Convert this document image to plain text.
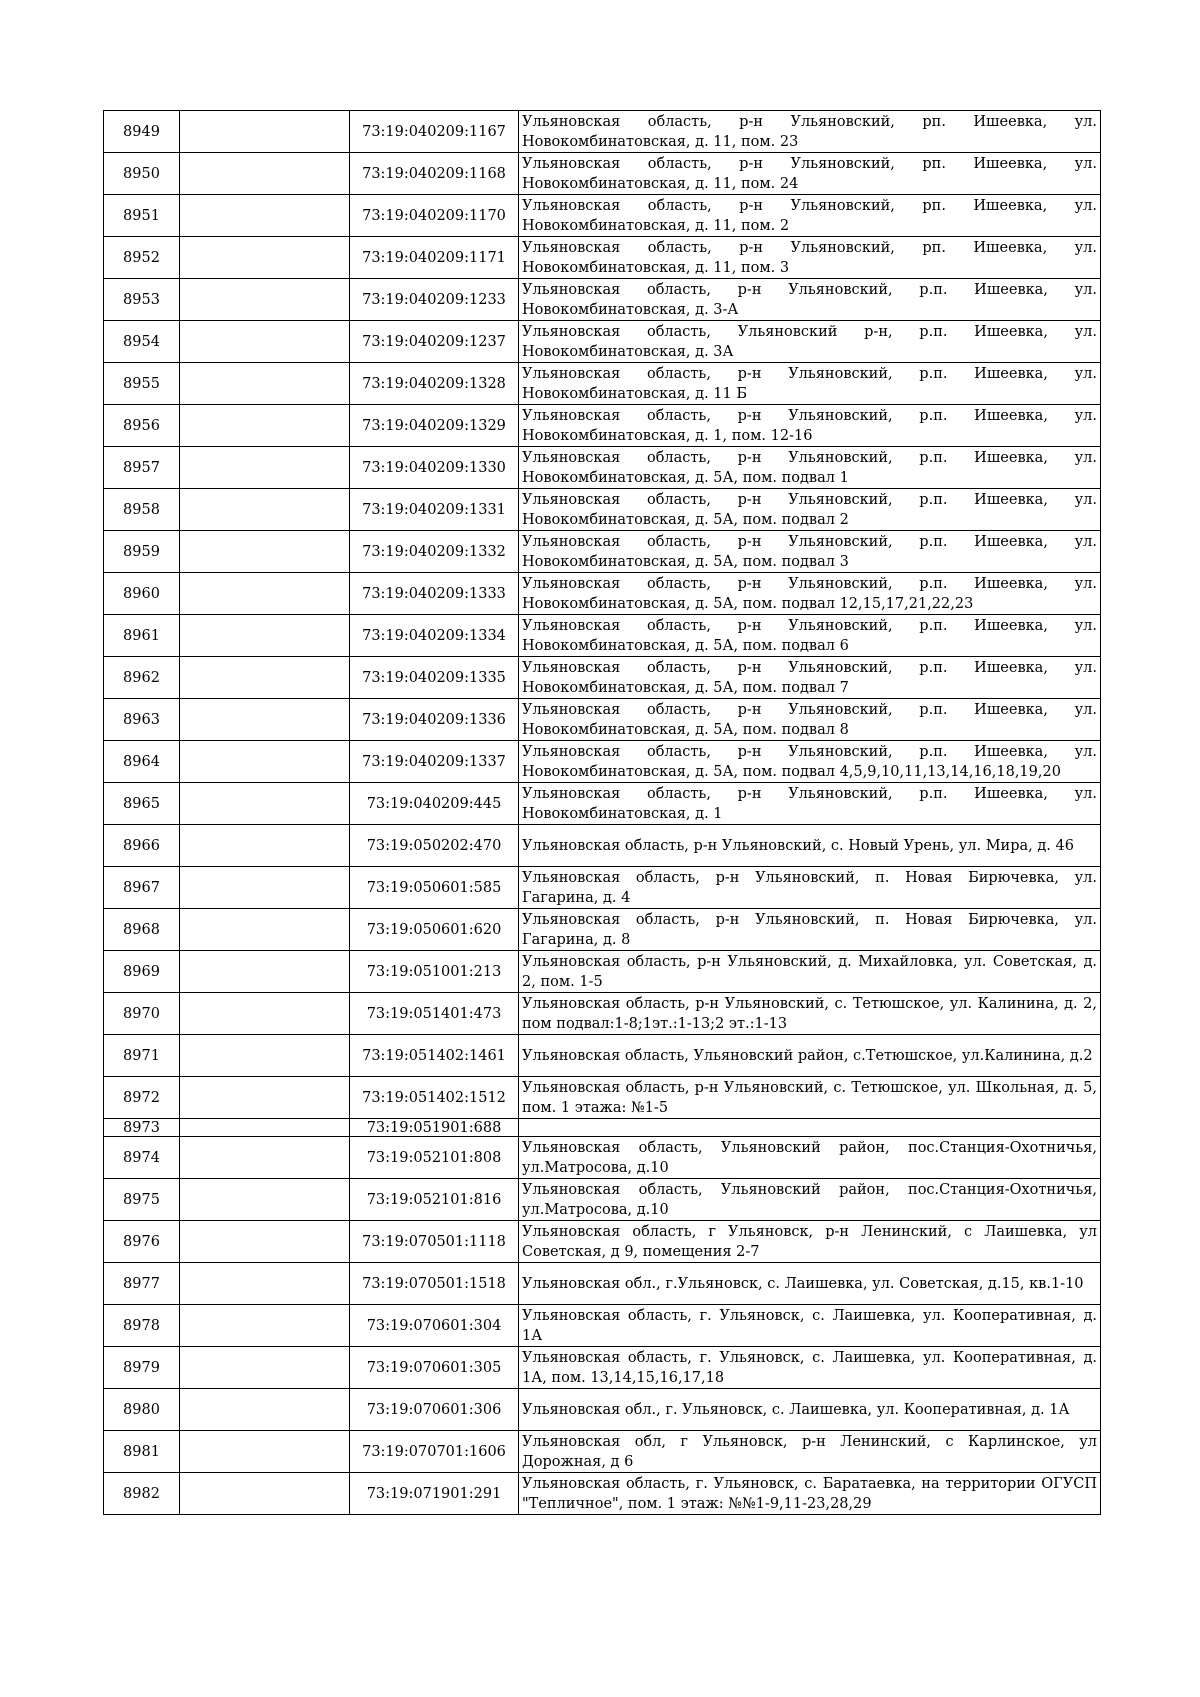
8949		73:19:040209:1167	Ульяновская область, р-н Ульяновский, рп. Ишеевка, ул. Новокомбинатовская, д. 11, пом. 23
8950		73:19:040209:1168	Ульяновская область, р-н Ульяновский, рп. Ишеевка, ул. Новокомбинатовская, д. 11, пом. 24
8951		73:19:040209:1170	Ульяновская область, р-н Ульяновский, рп. Ишеевка, ул. Новокомбинатовская, д. 11, пом. 2
8952		73:19:040209:1171	Ульяновская область, р-н Ульяновский, рп. Ишеевка, ул. Новокомбинатовская, д. 11, пом. 3
8953		73:19:040209:1233	Ульяновская область, р-н Ульяновский, р.п. Ишеевка, ул. Новокомбинатовская, д. 3-А
8954		73:19:040209:1237	Ульяновская область, Ульяновский р-н, р.п. Ишеевка, ул. Новокомбинатовская, д. 3А
8955		73:19:040209:1328	Ульяновская область, р-н Ульяновский, р.п. Ишеевка, ул. Новокомбинатовская, д. 11 Б
8956		73:19:040209:1329	Ульяновская область, р-н Ульяновский, р.п. Ишеевка, ул. Новокомбинатовская, д. 1, пом. 12-16
8957		73:19:040209:1330	Ульяновская область, р-н Ульяновский, р.п. Ишеевка, ул. Новокомбинатовская, д. 5А, пом. подвал 1
8958		73:19:040209:1331	Ульяновская область, р-н Ульяновский, р.п. Ишеевка, ул. Новокомбинатовская, д. 5А, пом. подвал 2
8959		73:19:040209:1332	Ульяновская область, р-н Ульяновский, р.п. Ишеевка, ул. Новокомбинатовская, д. 5А, пом. подвал 3
8960		73:19:040209:1333	Ульяновская область, р-н Ульяновский, р.п. Ишеевка, ул. Новокомбинатовская, д. 5А, пом. подвал 12,15,17,21,22,23
8961		73:19:040209:1334	Ульяновская область, р-н Ульяновский, р.п. Ишеевка, ул. Новокомбинатовская, д. 5А, пом. подвал 6
8962		73:19:040209:1335	Ульяновская область, р-н Ульяновский, р.п. Ишеевка, ул. Новокомбинатовская, д. 5А, пом. подвал 7
8963		73:19:040209:1336	Ульяновская область, р-н Ульяновский, р.п. Ишеевка, ул. Новокомбинатовская, д. 5А, пом. подвал 8
8964		73:19:040209:1337	Ульяновская область, р-н Ульяновский, р.п. Ишеевка, ул. Новокомбинатовская, д. 5А, пом. подвал 4,5,9,10,11,13,14,16,18,19,20
8965		73:19:040209:445	Ульяновская область, р-н Ульяновский, р.п. Ишеевка, ул. Новокомбинатовская, д. 1
8966		73:19:050202:470	Ульяновская область, р-н Ульяновский, с. Новый Урень, ул. Мира, д. 46
8967		73:19:050601:585	Ульяновская область, р-н Ульяновский, п. Новая Бирючевка, ул. Гагарина, д. 4
8968		73:19:050601:620	Ульяновская область, р-н Ульяновский, п. Новая Бирючевка, ул. Гагарина, д. 8
8969		73:19:051001:213	Ульяновская область, р-н Ульяновский, д. Михайловка, ул. Советская, д. 2, пом. 1-5
8970		73:19:051401:473	Ульяновская область, р-н Ульяновский, с. Тетюшское, ул. Калинина, д. 2, пом подвал:1-8;1эт.:1-13;2 эт.:1-13
8971		73:19:051402:1461	Ульяновская область, Ульяновский район, с.Тетюшское, ул.Калинина, д.2
8972		73:19:051402:1512	Ульяновская область, р-н Ульяновский, с. Тетюшское, ул. Школьная, д. 5, пом. 1 этажа: №1-5
8973		73:19:051901:688	
8974		73:19:052101:808	Ульяновская область, Ульяновский район, пос.Станция-Охотничья, ул.Матросова, д.10
8975		73:19:052101:816	Ульяновская область, Ульяновский район, пос.Станция-Охотничья, ул.Матросова, д.10
8976		73:19:070501:1118	Ульяновская область, г Ульяновск, р-н Ленинский, с Лаишевка, ул Советская, д 9, помещения 2-7
8977		73:19:070501:1518	Ульяновская обл., г.Ульяновск, с. Лаишевка, ул. Советская, д.15, кв.1-10
8978		73:19:070601:304	Ульяновская область, г. Ульяновск, с. Лаишевка, ул. Кооперативная, д. 1А
8979		73:19:070601:305	Ульяновская область, г. Ульяновск, с. Лаишевка, ул. Кооперативная, д. 1А, пом. 13,14,15,16,17,18
8980		73:19:070601:306	Ульяновская обл., г. Ульяновск, с. Лаишевка, ул. Кооперативная, д. 1А
8981		73:19:070701:1606	Ульяновская обл, г Ульяновск, р-н Ленинский, с Карлинское, ул Дорожная, д 6
8982		73:19:071901:291	Ульяновская область, г. Ульяновск, с. Баратаевка, на территории ОГУСП "Тепличное", пом. 1 этаж: №№1-9,11-23,28,29
